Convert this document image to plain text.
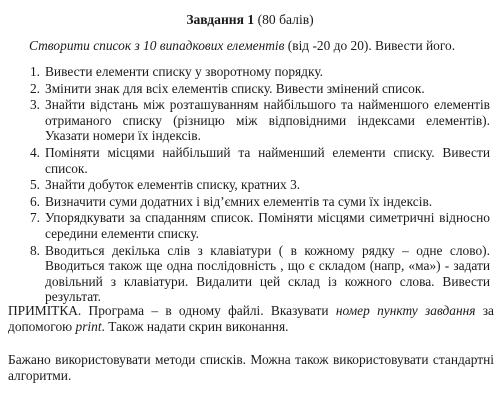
Завдання 1 (80 балів)
Створити список з 10 випадкових елементів (від -20 до 20). Вивести його.
1. Вивести елементи списку у зворотному порядку.
2. Змінити знак для всіх елементів списку. Вивести змінений список.
3. Знайти відстань між розташуванням найбільшого та найменшого елементів отриманого списку (різницю між відповідними індексами елементів). Указати номери їх індексів.
4. Поміняти місцями найбільший та найменший елементи списку. Вивести список.
5. Знайти добуток елементів списку, кратних 3.
6. Визначити суми додатних і від’ємних елементів та суми їх індексів.
7. Упорядкувати за спаданням список. Поміняти місцями симетричні відносно середини елементи списку.
8. Вводиться декілька слів з клавіатури ( в кожному рядку – одне слово). Вводиться також ще одна послідовність , що є складом (напр, «ма») - задати довільний з клавіатури. Видалити цей склад із кожного слова. Вивести результат.
ПРИМІТКА. Програма – в одному файлі. Вказувати номер пункту завдання за допомогою print. Також надати скрин виконання.
Бажано використовувати методи списків. Можна також використовувати стандартні алгоритми.
